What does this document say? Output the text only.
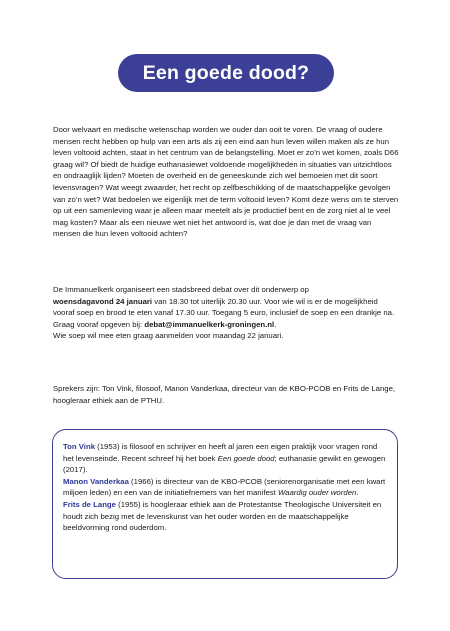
Een goede dood?

Door welvaart en medische wetenschap worden we ouder dan ooit te voren. De vraag of oudere mensen recht hebben op hulp van een arts als zij een eind aan hun leven willen maken als ze hun leven voltooid achten, staat in het centrum van de belangstelling. Moet er zo’n wet komen, zoals D66 graag wil? Of biedt de huidige euthanasiewet voldoende mogelijkheden in situaties van uitzichtloos en ondraaglijk lijden? Moeten de overheid en de geneeskunde zich wel bemoeien met dit soort levensvragen? Wat weegt zwaarder, het recht op zelfbeschikking of de maatschappelijke gevolgen van zo’n wet? Wat bedoelen we eigenlijk met de term voltooid leven? Komt deze wens om te sterven op uit een samenleving waar je alleen maar meetelt als je productief bent en de zorg niet al te veel mag kosten? Maar als een nieuwe wet niet het antwoord is, wat doe je dan met de vraag van mensen die hun leven voltooid achten?

De Immanuelkerk organiseert een stadsbreed debat over dit onderwerp op
woensdagavond 24 januari van 18.30 tot uiterlijk 20.30 uur. Voor wie wil is er de mogelijkheid vooraf soep en brood te eten vanaf 17.30 uur. Toegang 5 euro, inclusief de soep en een drankje na.
Graag vooraf opgeven bij: debat@immanuelkerk-groningen.nl.
Wie soep wil mee eten graag aanmelden voor maandag 22 januari.

Sprekers zijn: Ton Vink, filosoof, Manon Vanderkaa, directeur van de KBO-PCOB en Frits de Lange, hoogleraar ethiek aan de PTHU.

Ton Vink (1953) is filosoof en schrijver en heeft al jaren een eigen praktijk voor vragen rond het levenseinde. Recent schreef hij het boek Een goede dood; euthanasie gewikt en gewogen (2017).

Manon Vanderkaa (1966) is directeur van de KBO-PCOB (seniorenorganisatie met een kwart miljoen leden) en een van de initiatiefnemers van het manifest Waardig ouder worden.

Frits de Lange (1955) is hoogleraar ethiek aan de Protestantse Theologische Universiteit en houdt zich bezig met de levenskunst van het ouder worden en de maatschappelijke beeldvorming rond ouderdom.
